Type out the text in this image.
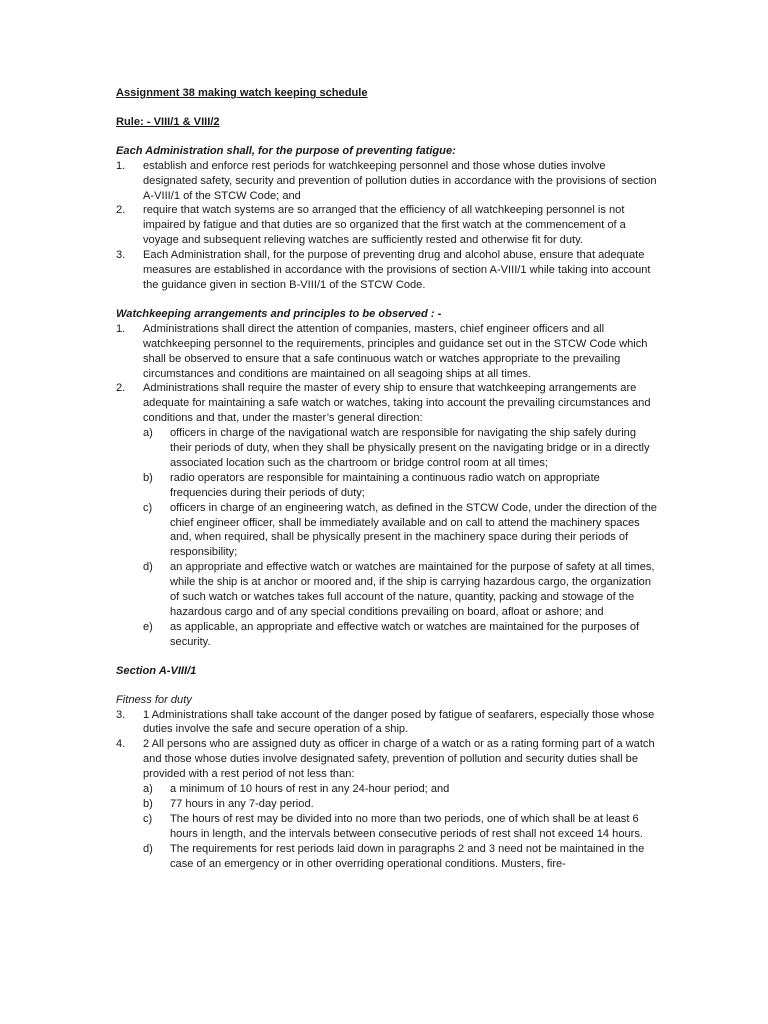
Assignment 38 making watch keeping schedule

Rule: - VIII/1 & VIII/2

Each Administration shall, for the purpose of preventing fatigue:

1. establish and enforce rest periods for watchkeeping personnel and those whose duties involve designated safety, security and prevention of pollution duties in accordance with the provisions of section A-VIII/1 of the STCW Code; and
2. require that watch systems are so arranged that the efficiency of all watchkeeping personnel is not impaired by fatigue and that duties are so organized that the first watch at the commencement of a voyage and subsequent relieving watches are sufficiently rested and otherwise fit for duty.
3. Each Administration shall, for the purpose of preventing drug and alcohol abuse, ensure that adequate measures are established in accordance with the provisions of section A-VIII/1 while taking into account the guidance given in section B-VIII/1 of the STCW Code.

Watchkeeping arrangements and principles to be observed : -

1. Administrations shall direct the attention of companies, masters, chief engineer officers and all watchkeeping personnel to the requirements, principles and guidance set out in the STCW Code which shall be observed to ensure that a safe continuous watch or watches appropriate to the prevailing circumstances and conditions are maintained on all seagoing ships at all times.
2. Administrations shall require the master of every ship to ensure that watchkeeping arrangements are adequate for maintaining a safe watch or watches, taking into account the prevailing circumstances and conditions and that, under the master’s general direction:
a) officers in charge of the navigational watch are responsible for navigating the ship safely during their periods of duty, when they shall be physically present on the navigating bridge or in a directly associated location such as the chartroom or bridge control room at all times;
b) radio operators are responsible for maintaining a continuous radio watch on appropriate frequencies during their periods of duty;
c) officers in charge of an engineering watch, as defined in the STCW Code, under the direction of the chief engineer officer, shall be immediately available and on call to attend the machinery spaces and, when required, shall be physically present in the machinery space during their periods of responsibility;
d) an appropriate and effective watch or watches are maintained for the purpose of safety at all times, while the ship is at anchor or moored and, if the ship is carrying hazardous cargo, the organization of such watch or watches takes full account of the nature, quantity, packing and stowage of the hazardous cargo and of any special conditions prevailing on board, afloat or ashore; and
e) as applicable, an appropriate and effective watch or watches are maintained for the purposes of security.

Section A-VIII/1

Fitness for duty

3. 1 Administrations shall take account of the danger posed by fatigue of seafarers, especially those whose duties involve the safe and secure operation of a ship.
4. 2 All persons who are assigned duty as officer in charge of a watch or as a rating forming part of a watch and those whose duties involve designated safety, prevention of pollution and security duties shall be provided with a rest period of not less than:
a) a minimum of 10 hours of rest in any 24-hour period; and
b) 77 hours in any 7-day period.
c) The hours of rest may be divided into no more than two periods, one of which shall be at least 6 hours in length, and the intervals between consecutive periods of rest shall not exceed 14 hours.
d) The requirements for rest periods laid down in paragraphs 2 and 3 need not be maintained in the case of an emergency or in other overriding operational conditions. Musters, fire-
